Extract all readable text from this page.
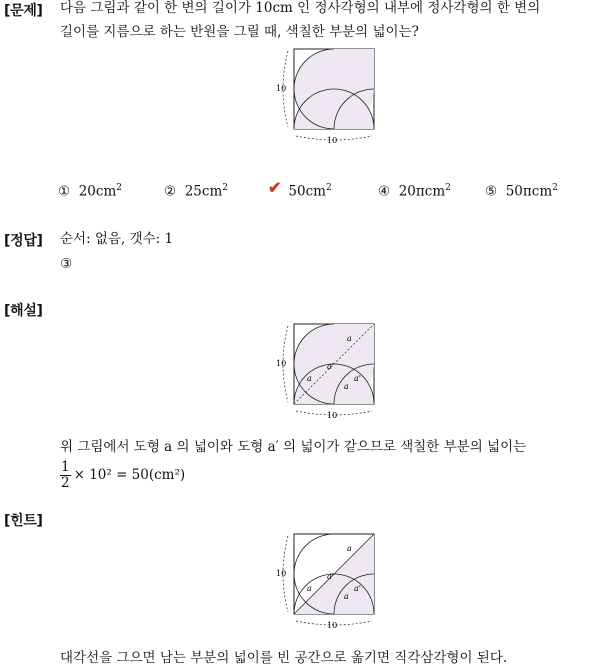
[문제] 다음 그림과 같이 한 변의 길이가 10cm 인 정사각형의 내부에 정사각형의 한 변의
길이를 지름으로 하는 반원을 그릴 때, 색칠한 부분의 넓이는?
10
10
① $20cm^2$	② $25cm^2$	✔ $50cm^2$	④ 20πcm$^2$	⑤ 50πcm$^2$
[정답] 순서: 없음, 갯수: 1
③
[해설]
10
10
a
a
a'
a'
a
위 그림에서 도형 a 의 넓이와 도형 a′ 의 넓이가 같으므로 색칠한 부분의 넓이는
$\frac{1}{2} \times 10^2 = 50(cm^2)$
[힌트]
10
10
a
a
a'
a'
a
대각선을 그으면 남는 부분의 넓이를 빈 공간으로 옮기면 직각삼각형이 된다.
